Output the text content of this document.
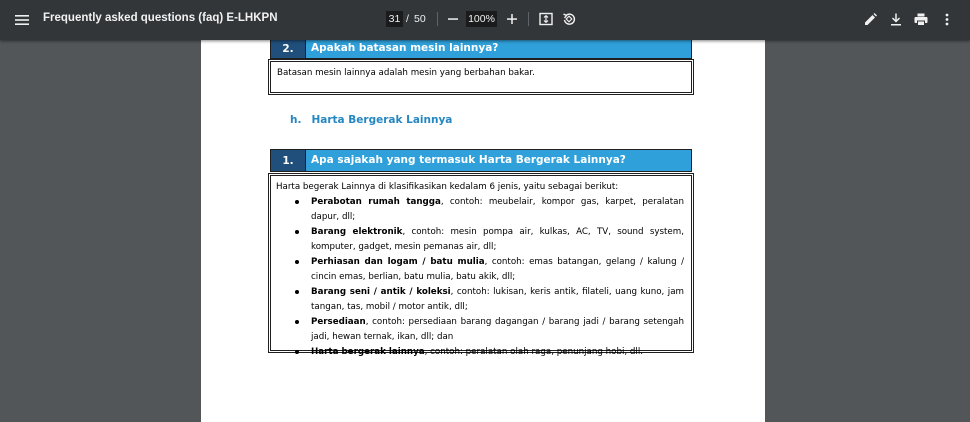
Frequently asked questions (faq) E-LHKPN	31 / 50	100%
2.	Apakah batasan mesin lainnya?
Batasan mesin lainnya adalah mesin yang berbahan bakar.
h. Harta Bergerak Lainnya
1.	Apa sajakah yang termasuk Harta Bergerak Lainnya?
Harta begerak Lainnya di klasifikasikan kedalam 6 jenis, yaitu sebagai berikut:
Perabotan rumah tangga, contoh: meubelair, kompor gas, karpet, peralatan dapur, dll;
Barang elektronik, contoh: mesin pompa air, kulkas, AC, TV, sound system, komputer, gadget, mesin pemanas air, dll;
Perhiasan dan logam / batu mulia, contoh: emas batangan, gelang / kalung / cincin emas, berlian, batu mulia, batu akik, dll;
Barang seni / antik / koleksi, contoh: lukisan, keris antik, filateli, uang kuno, jam tangan, tas, mobil / motor antik, dll;
Persediaan, contoh: persediaan barang dagangan / barang jadi / barang setengah jadi, hewan ternak, ikan, dll; dan
Harta bergerak lainnya, contoh: peralatan olah raga, penunjang hobi, dll.
